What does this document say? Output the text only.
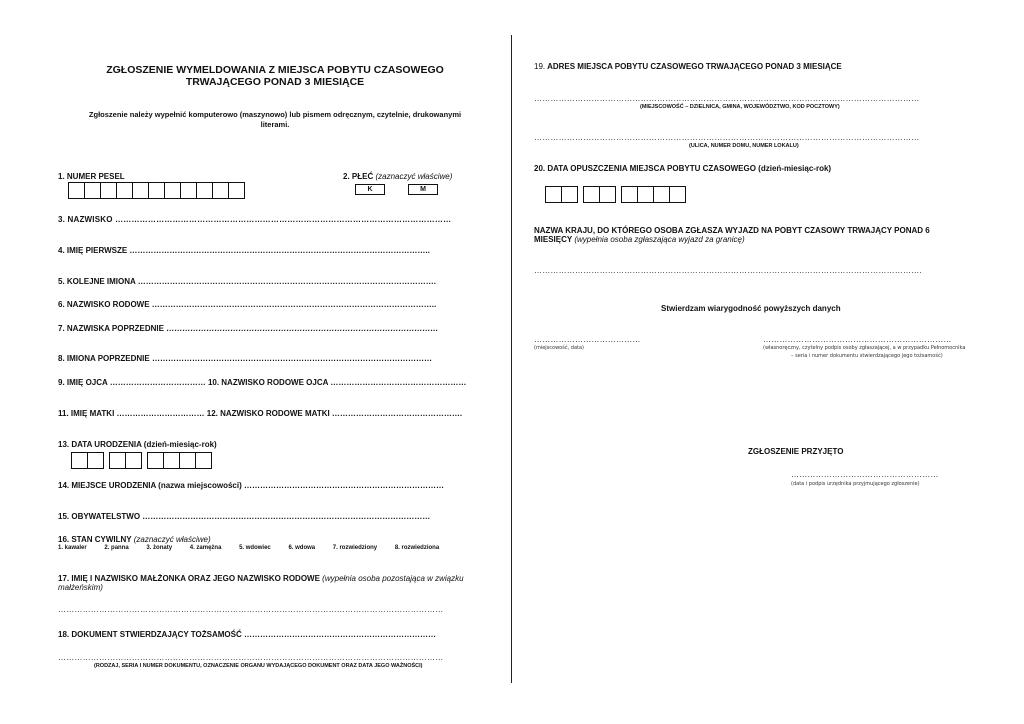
ZGŁOSZENIE WYMELDOWANIA Z MIEJSCA POBYTU CZASOWEGO
TRWAJĄCEGO PONAD 3 MIESIĄCE
Zgłoszenie należy wypełnić komputerowo (maszynowo) lub pismem odręcznym, czytelnie, drukowanymi
literami.
1. NUMER PESEL	2. PŁEĆ (zaznaczyć właściwe)
K	M
3. NAZWISKO ……………………………………………………………………………………………………………
4. IMIĘ PIERWSZE …………………………………………………………………………………………………..
5. KOLEJNE IMIONA ………………………………………………………………………………………………….
6. NAZWISKO RODOWE ……………………………………………………………………………………………..
7. NAZWISKA POPRZEDNIE …………………………………………………………………………………………
8. IMIONA POPRZEDNIE ……………………………………………………………………………………………
9. IMIĘ OJCA ……………………………… 10. NAZWISKO RODOWE OJCA ……………………………………………
11. IMIĘ MATKI …………………………… 12. NAZWISKO RODOWE MATKI ………………………………………….
13. DATA URODZENIA (dzień-miesiąc-rok)
14. MIEJSCE URODZENIA (nazwa miejscowości) …………………………………………………………………
15. OBYWATELSTWO ………………………………………………………………………………………………
16. STAN CYWILNY (zaznaczyć właściwe)
1. kawaler	2. panna	3. żonaty	4. zamężna	5. wdowiec	6. wdowa	7. rozwiedziony	8. rozwiedziona
17. IMIĘ I NAZWISKO MAŁŻONKA ORAZ JEGO NAZWISKO RODOWE (wypełnia osoba pozostająca w związku
małżeńskim)
……………………………………………………………………………………………………………………………
18. DOKUMENT STWIERDZAJĄCY TOŻSAMOŚĆ ………………………………………………………………
……………………………………………………………………………………………………………………………
(RODZAJ, SERIA I NUMER DOKUMENTU, OZNACZENIE ORGANU WYDAJĄCEGO DOKUMENT ORAZ DATA JEGO WAŻNOŚCI)
19. ADRES MIEJSCA POBYTU CZASOWEGO TRWAJĄCEGO PONAD 3 MIESIĄCE
……………………………………………………………………………………………………………………………
(MIEJSCOWOŚĆ – DZIELNICA, GMINA, WOJEWÓDZTWO, KOD POCZTOWY)
……………………………………………………………………………………………………………………………
(ULICA, NUMER DOMU, NUMER LOKALU)
20. DATA OPUSZCZENIA MIEJSCA POBYTU CZASOWEGO (dzień-miesiąc-rok)
NAZWA KRAJU, DO KTÓREGO OSOBA ZGŁASZA WYJAZD NA POBYT CZASOWY TRWAJĄCY PONAD 6
MIESIĘCY (wypełnia osoba zgłaszająca wyjazd za granicę)
…………………………………………………………………………………………………………………………….
Stwierdzam wiarygodność powyższych danych
…………………………………
(miejscowość, data)
……………………………………………………………
(własnoręczny, czytelny podpis osoby zgłaszającej, a w przypadku Pełnomocnika
– seria i numer dokumentu stwierdzającego jego tożsamość)
ZGŁOSZENIE PRZYJĘTO
………………………………………………
(data i podpis urzędnika przyjmującego zgłoszenie)
